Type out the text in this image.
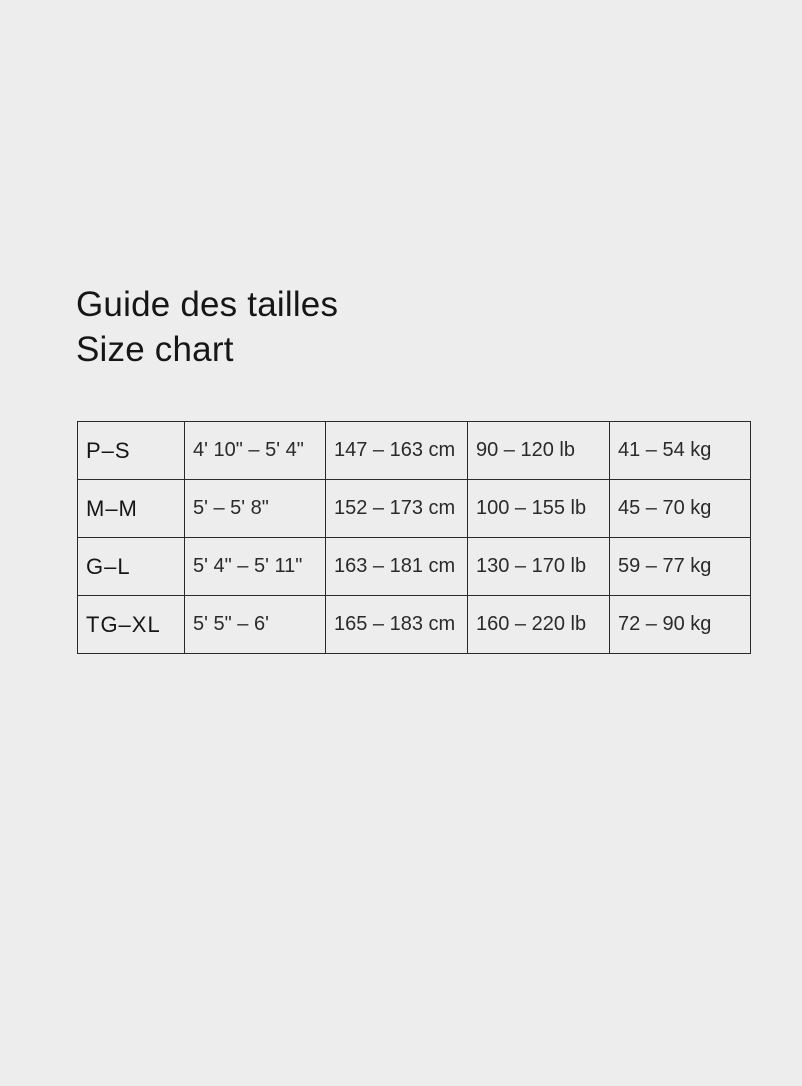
Guide des tailles
Size chart
P–S	4' 10" – 5' 4"	147 – 163 cm	90 – 120 lb	41 – 54 kg
M–M	5' – 5' 8"	152 – 173 cm	100 – 155 lb	45 – 70 kg
G–L	5' 4" – 5' 11"	163 – 181 cm	130 – 170 lb	59 – 77 kg
TG–XL	5' 5" – 6'	165 – 183 cm	160 – 220 lb	72 – 90 kg
